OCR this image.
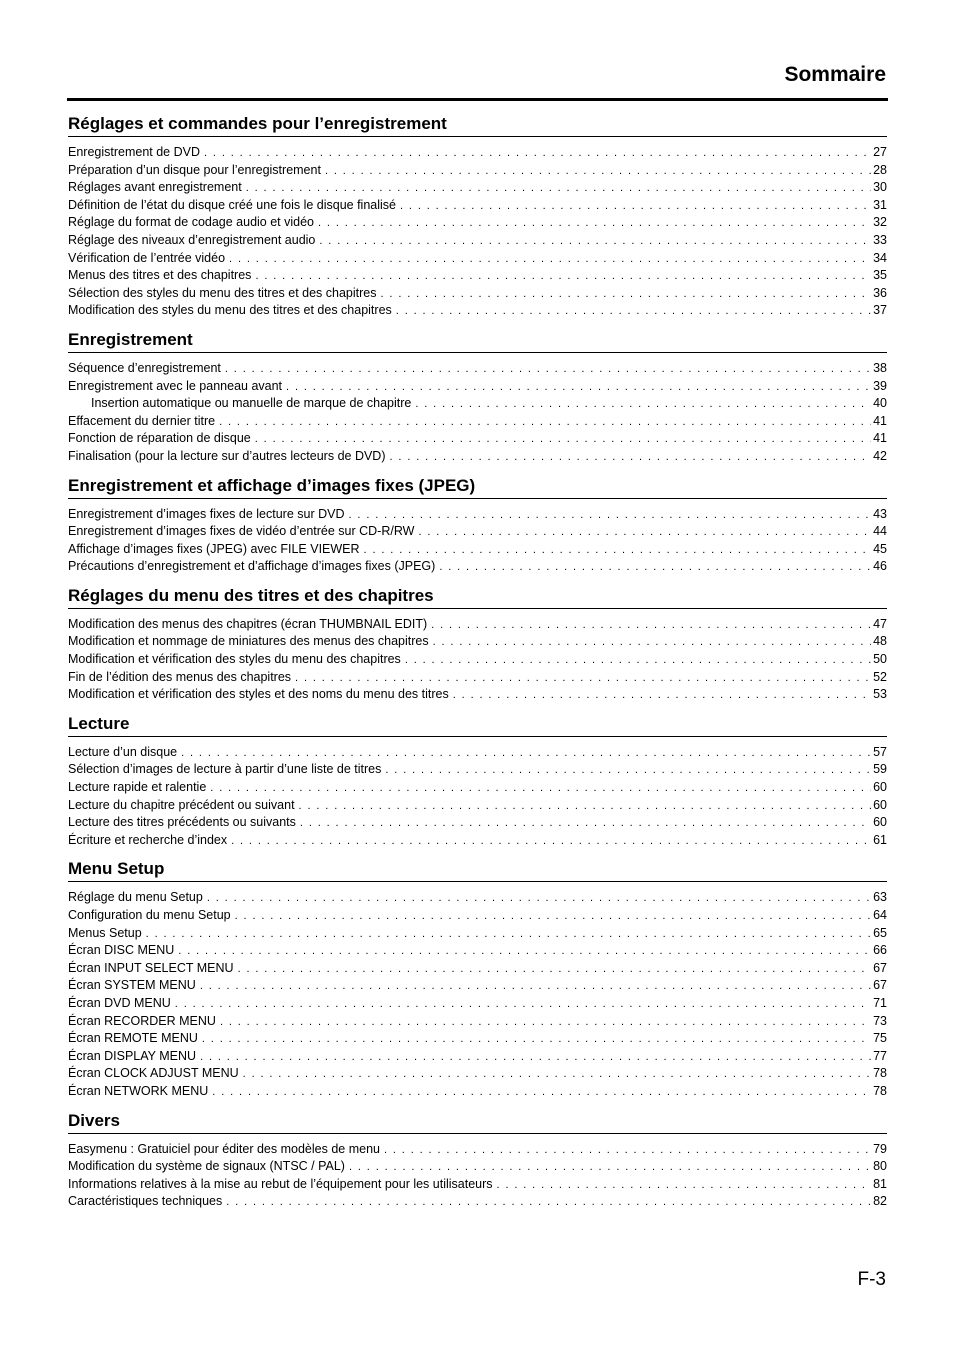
Sommaire
Réglages et commandes pour l’enregistrement
Enregistrement de DVD . . .	27
Préparation d’un disque pour l’enregistrement . . .	28
Réglages avant enregistrement . . .	30
Définition de l’état du disque créé une fois le disque finalisé . . .	31
Réglage du format de codage audio et vidéo . . .	32
Réglage des niveaux d’enregistrement audio . . .	33
Vérification de l’entrée vidéo . . .	34
Menus des titres et des chapitres . . .	35
Sélection des styles du menu des titres et des chapitres . . .	36
Modification des styles du menu des titres et des chapitres . . .	37
Enregistrement
Séquence d’enregistrement . . .	38
Enregistrement avec le panneau avant . . .	39
Insertion automatique ou manuelle de marque de chapitre . . .	40
Effacement du dernier titre . . .	41
Fonction de réparation de disque . . .	41
Finalisation (pour la lecture sur d’autres lecteurs de DVD) . . .	42
Enregistrement et affichage d’images fixes (JPEG)
Enregistrement d’images fixes de lecture sur DVD . . .	43
Enregistrement d’images fixes de vidéo d’entrée sur CD-R/RW . . .	44
Affichage d’images fixes (JPEG) avec FILE VIEWER . . .	45
Précautions d’enregistrement et d’affichage d’images fixes (JPEG) . . .	46
Réglages du menu des titres et des chapitres
Modification des menus des chapitres (écran THUMBNAIL EDIT) . . .	47
Modification et nommage de miniatures des menus des chapitres . . .	48
Modification et vérification des styles du menu des chapitres . . .	50
Fin de l’édition des menus des chapitres . . .	52
Modification et vérification des styles et des noms du menu des titres . . .	53
Lecture
Lecture d’un disque . . .	57
Sélection d’images de lecture à partir d’une liste de titres . . .	59
Lecture rapide et ralentie . . .	60
Lecture du chapitre précédent ou suivant . . .	60
Lecture des titres précédents ou suivants . . .	60
Écriture et recherche d’index . . .	61
Menu Setup
Réglage du menu Setup . . .	63
Configuration du menu Setup . . .	64
Menus Setup . . .	65
Écran DISC MENU . . .	66
Écran INPUT SELECT MENU . . .	67
Écran SYSTEM MENU . . .	67
Écran DVD MENU . . .	71
Écran RECORDER MENU . . .	73
Écran REMOTE MENU . . .	75
Écran DISPLAY MENU . . .	77
Écran CLOCK ADJUST MENU . . .	78
Écran NETWORK MENU . . .	78
Divers
Easymenu : Gratuiciel pour éditer des modèles de menu . . .	79
Modification du système de signaux (NTSC / PAL) . . .	80
Informations relatives à la mise au rebut de l’équipement pour les utilisateurs . . .	81
Caractéristiques techniques . . .	82

F-3
